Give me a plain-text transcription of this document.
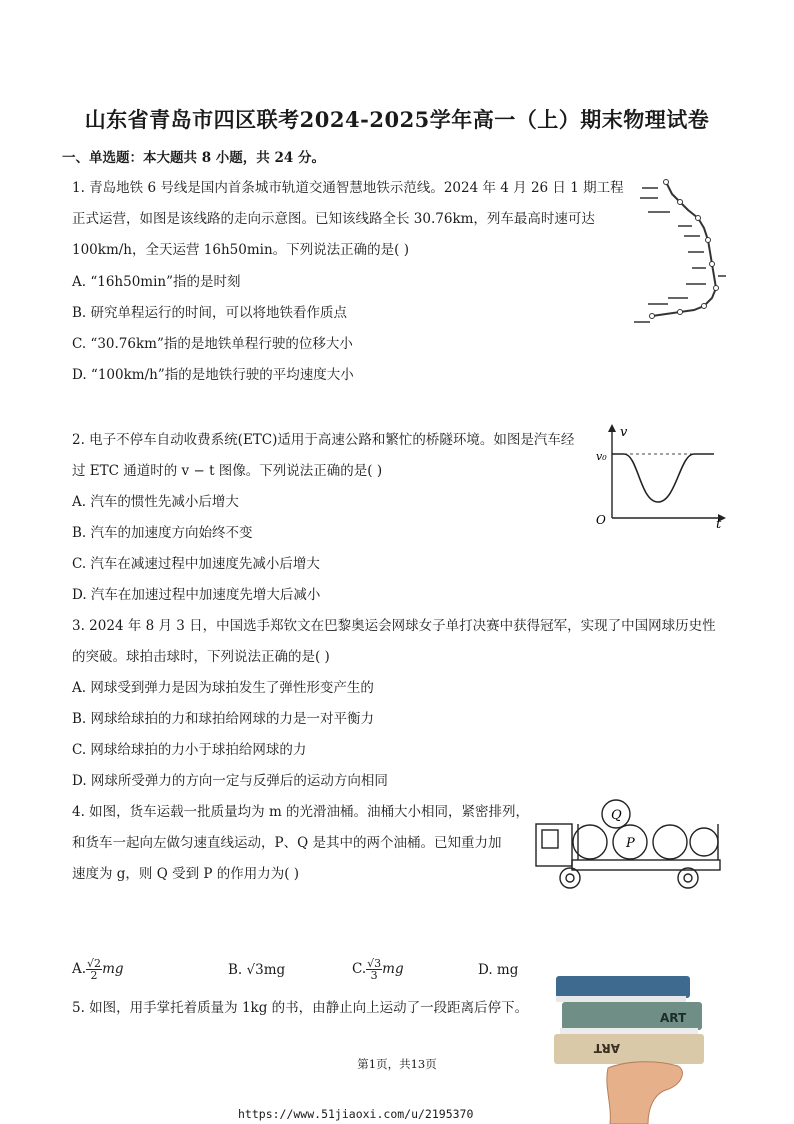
山东省青岛市四区联考2024-2025学年高一（上）期末物理试卷
一、单选题：本大题共 8 小题，共 24 分。
1. 青岛地铁 6 号线是国内首条城市轨道交通智慧地铁示范线。2024 年 4 月 26 日 1 期工程
正式运营，如图是该线路的走向示意图。已知该线路全长 30.76km，列车最高时速可达
100km/h，全天运营 16h50min。下列说法正确的是( )
A. “16h50min”指的是时刻
B. 研究单程运行的时间，可以将地铁看作质点
C. “30.76km”指的是地铁单程行驶的位移大小
D. “100km/h”指的是地铁行驶的平均速度大小
2. 电子不停车自动收费系统(ETC)适用于高速公路和繁忙的桥隧环境。如图是汽车经
过 ETC 通道时的 v − t 图像。下列说法正确的是( )
A. 汽车的惯性先减小后增大
B. 汽车的加速度方向始终不变
C. 汽车在减速过程中加速度先减小后增大
D. 汽车在加速过程中加速度先增大后减小
v
v₀
O	t
3. 2024 年 8 月 3 日，中国选手郑钦文在巴黎奥运会网球女子单打决赛中获得冠军，实现了中国网球历史性
的突破。球拍击球时，下列说法正确的是( )
A. 网球受到弹力是因为球拍发生了弹性形变产生的
B. 网球给球拍的力和球拍给网球的力是一对平衡力
C. 网球给球拍的力小于球拍给网球的力
D. 网球所受弹力的方向一定与反弹后的运动方向相同
4. 如图，货车运载一批质量均为 m 的光滑油桶。油桶大小相同，紧密排列，
和货车一起向左做匀速直线运动，P、Q 是其中的两个油桶。已知重力加
速度为 g，则 Q 受到 P 的作用力为( )
A. $\frac{√2}{2}$ mg	B. √3mg	C. $\frac{√3}{3}$ mg	D. mg
Q
P
5. 如图，用手掌托着质量为 1kg 的书，由静止向上运动了一段距离后停下。
ART
ART
第1页，共13页
https://www.51jiaoxi.com/u/2195370
